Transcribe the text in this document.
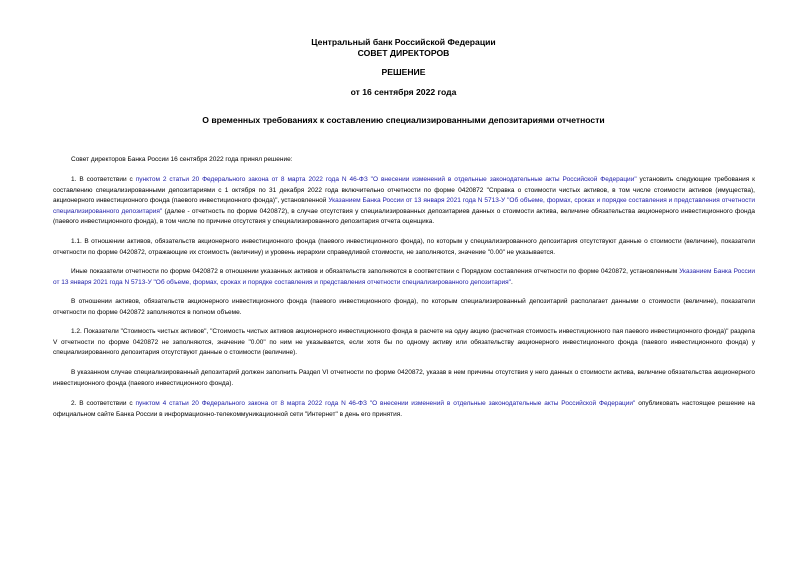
Центральный банк Российской Федерации
СОВЕТ ДИРЕКТОРОВ
РЕШЕНИЕ
от 16 сентября 2022 года
О временных требованиях к составлению специализированными депозитариями отчетности

Совет директоров Банка России 16 сентября 2022 года принял решение:

1. В соответствии с пунктом 2 статьи 20 Федерального закона от 8 марта 2022 года N 46-ФЗ "О внесении изменений в отдельные законодательные акты Российской Федерации" установить следующие требования к составлению специализированными депозитариями с 1 октября по 31 декабря 2022 года включительно отчетности по форме 0420872 "Справка о стоимости чистых активов, в том числе стоимости активов (имущества), акционерного инвестиционного фонда (паевого инвестиционного фонда)", установленной Указанием Банка России от 13 января 2021 года N 5713-У "Об объеме, формах, сроках и порядке составления и представления отчетности специализированного депозитария" (далее - отчетность по форме 0420872), в случае отсутствия у специализированных депозитариев данных о стоимости актива, величине обязательства акционерного инвестиционного фонда (паевого инвестиционного фонда), в том числе по причине отсутствия у специализированного депозитария отчета оценщика.

1.1. В отношении активов, обязательств акционерного инвестиционного фонда (паевого инвестиционного фонда), по которым у специализированного депозитария отсутствуют данные о стоимости (величине), показатели отчетности по форме 0420872, отражающие их стоимость (величину) и уровень иерархии справедливой стоимости, не заполняются, значение "0.00" не указывается.

Иные показатели отчетности по форме 0420872 в отношении указанных активов и обязательств заполняются в соответствии с Порядком составления отчетности по форме 0420872, установленным Указанием Банка России от 13 января 2021 года N 5713-У "Об объеме, формах, сроках и порядке составления и представления отчетности специализированного депозитария".

В отношении активов, обязательств акционерного инвестиционного фонда (паевого инвестиционного фонда), по которым специализированный депозитарий располагает данными о стоимости (величине), показатели отчетности по форме 0420872 заполняются в полном объеме.

1.2. Показатели "Стоимость чистых активов", "Стоимость чистых активов акционерного инвестиционного фонда в расчете на одну акцию (расчетная стоимость инвестиционного пая паевого инвестиционного фонда)" раздела V отчетности по форме 0420872 не заполняются, значение "0.00" по ним не указывается, если хотя бы по одному активу или обязательству акционерного инвестиционного фонда (паевого инвестиционного фонда) у специализированного депозитария отсутствуют данные о стоимости (величине).

В указанном случае специализированный депозитарий должен заполнить Раздел VI отчетности по форме 0420872, указав в нем причины отсутствия у него данных о стоимости актива, величине обязательства акционерного инвестиционного фонда (паевого инвестиционного фонда).

2. В соответствии с пунктом 4 статьи 20 Федерального закона от 8 марта 2022 года N 46-ФЗ "О внесении изменений в отдельные законодательные акты Российской Федерации" опубликовать настоящее решение на официальном сайте Банка России в информационно-телекоммуникационной сети "Интернет" в день его принятия.
